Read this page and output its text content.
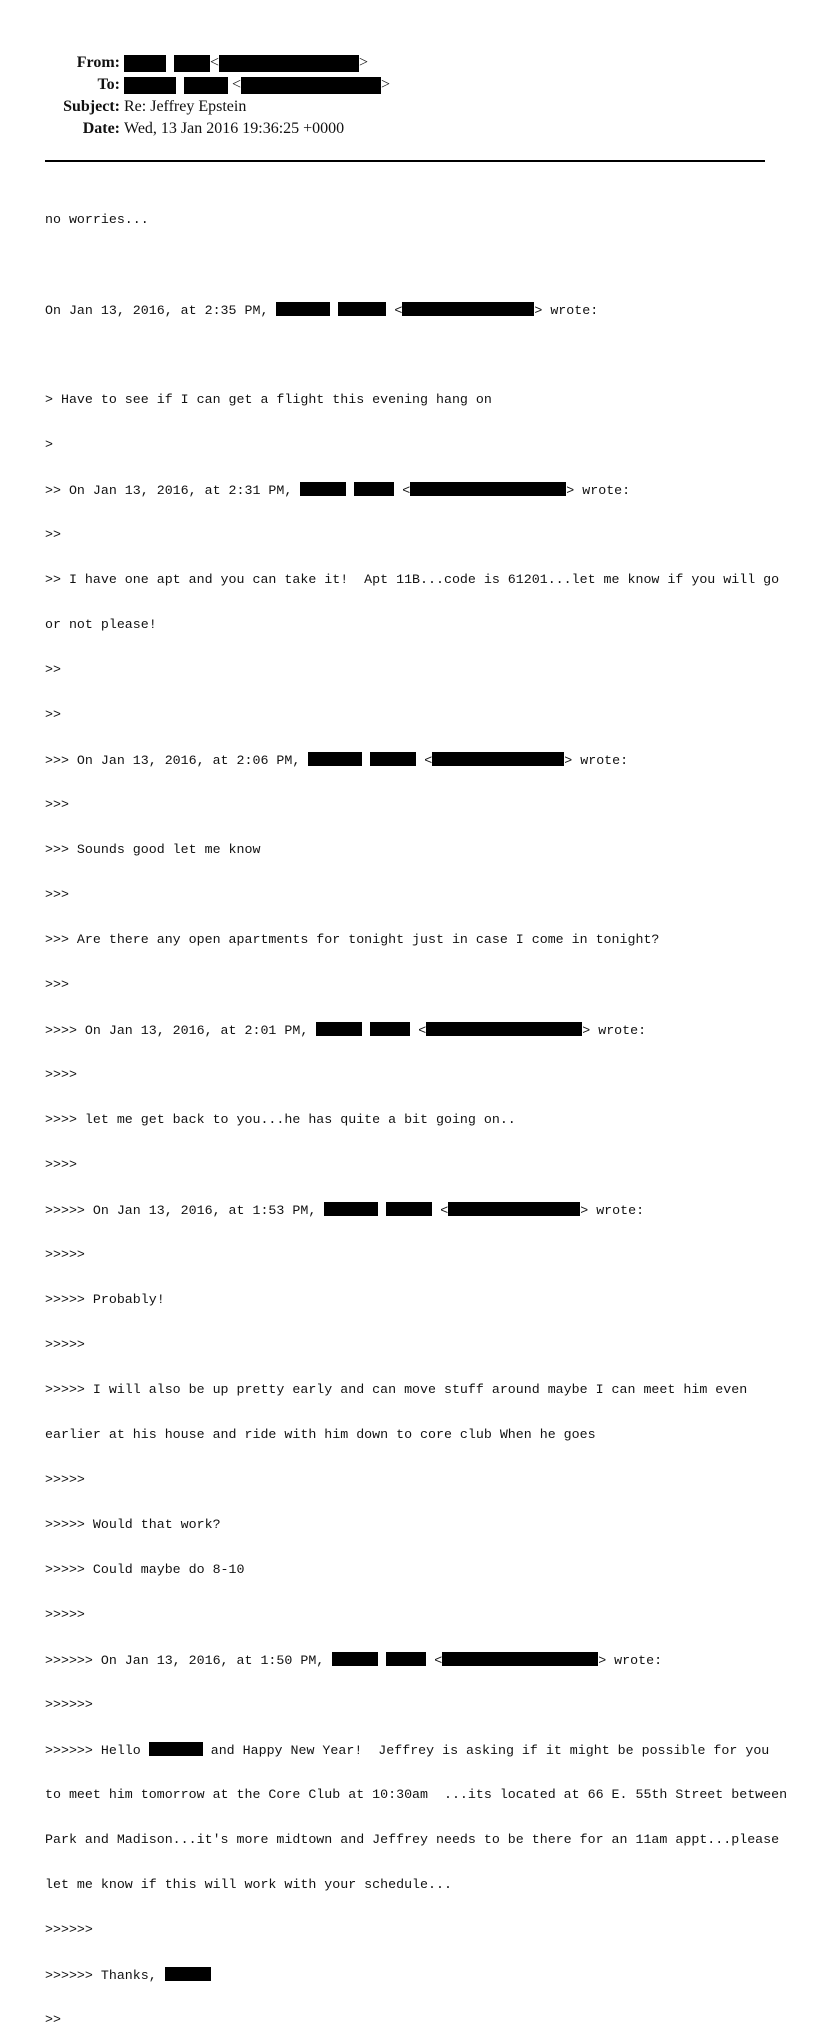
From:	<	>
To:	<	>
Subject: Re: Jeffrey Epstein
Date: Wed, 13 Jan 2016 19:36:25 +0000

no worries...

On Jan 13, 2016, at 2:35 PM,	<	> wrote:

> Have to see if I can get a flight this evening hang on

>

>> On Jan 13, 2016, at 2:31 PM,	<	> wrote:

>>

>> I have one apt and you can take it!  Apt 11B...code is 61201...let me know if you will go

or not please!

>>

>>

>>> On Jan 13, 2016, at 2:06 PM,	<	> wrote:

>>>

>>> Sounds good let me know

>>>

>>> Are there any open apartments for tonight just in case I come in tonight?

>>>

>>>> On Jan 13, 2016, at 2:01 PM,	<	> wrote:

>>>>

>>>> let me get back to you...he has quite a bit going on..

>>>>

>>>>> On Jan 13, 2016, at 1:53 PM,	<	> wrote:

>>>>>

>>>>> Probably!

>>>>>

>>>>> I will also be up pretty early and can move stuff around maybe I can meet him even

earlier at his house and ride with him down to core club When he goes

>>>>>

>>>>> Would that work?

>>>>> Could maybe do 8-10

>>>>>

>>>>>> On Jan 13, 2016, at 1:50 PM,	<	> wrote:

>>>>>>

>>>>>> Hello	and Happy New Year!  Jeffrey is asking if it might be possible for you

to meet him tomorrow at the Core Club at 10:30am  ...its located at 66 E. 55th Street between

Park and Madison...it's more midtown and Jeffrey needs to be there for an 11am appt...please

let me know if this will work with your schedule...

>>>>>>

>>>>>> Thanks,

>>
